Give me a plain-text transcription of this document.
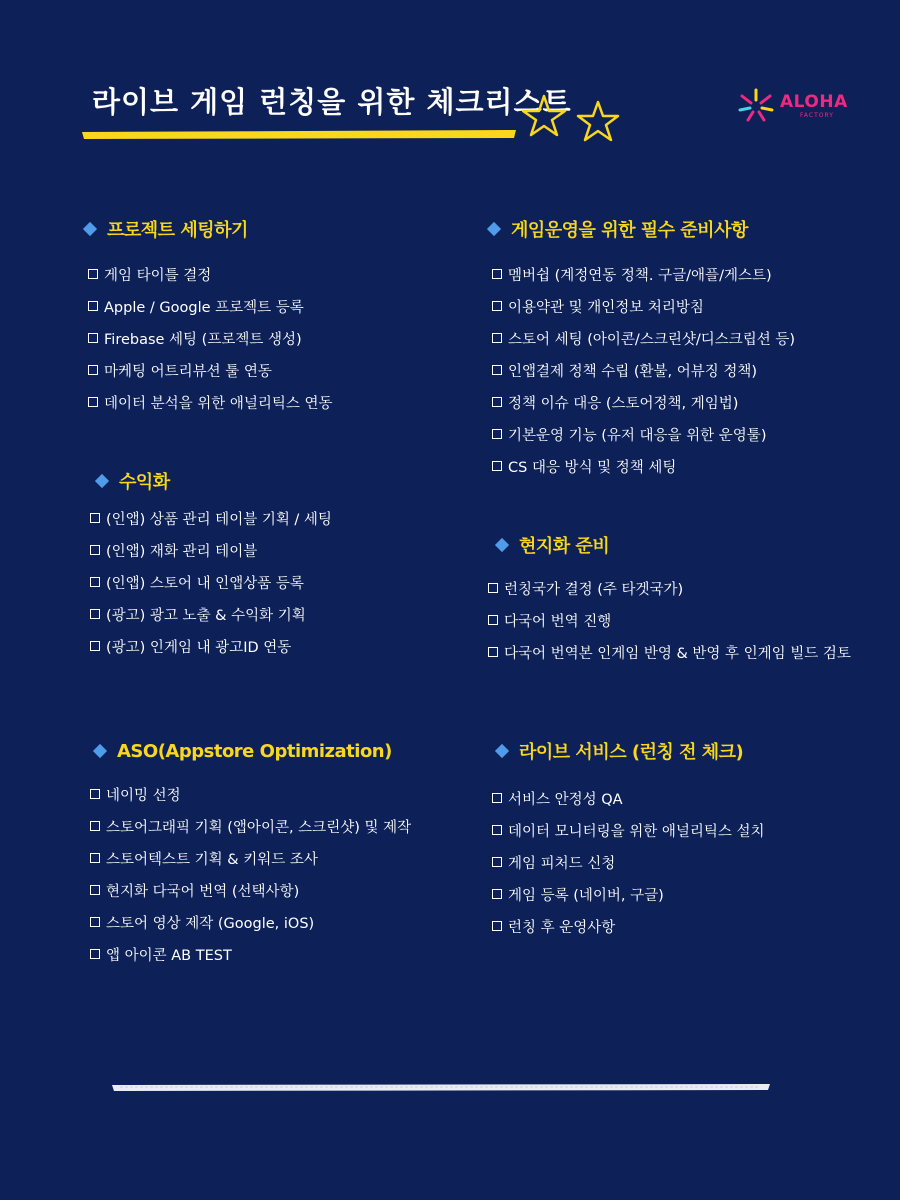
라이브 게임 런칭을 위한 체크리스트	ALOHA
FACTORY
프로젝트 세팅하기
게임 타이틀 결정
Apple / Google 프로젝트 등록
Firebase 세팅 (프로젝트 생성)
마케팅 어트리뷰션 툴 연동
데이터 분석을 위한 애널리틱스 연동
게임운영을 위한 필수 준비사항
멤버쉽 (계정연동 정책. 구글/애플/게스트)
이용약관 및 개인정보 처리방침
스토어 세팅 (아이콘/스크린샷/디스크립션 등)
인앱결제 정책 수립 (환불, 어뷰징 정책)
정책 이슈 대응 (스토어정책, 게임법)
기본운영 기능 (유저 대응을 위한 운영툴)
CS 대응 방식 및 정책 세팅
수익화
(인앱) 상품 관리 테이블 기획 / 세팅
(인앱) 재화 관리 테이블
(인앱) 스토어 내 인앱상품 등록
(광고) 광고 노출 & 수익화 기획
(광고) 인게임 내 광고ID 연동
현지화 준비
런칭국가 결정 (주 타겟국가)
다국어 번역 진행
다국어 번역본 인게임 반영 & 반영 후 인게임 빌드 검토
ASO(Appstore Optimization)
네이밍 선정
스토어그래픽 기획 (앱아이콘, 스크린샷) 및 제작
스토어텍스트 기획 & 키워드 조사
현지화 다국어 번역 (선택사항)
스토어 영상 제작 (Google, iOS)
앱 아이콘 AB TEST
라이브 서비스 (런칭 전 체크)
서비스 안정성 QA
데이터 모니터링을 위한 애널리틱스 설치
게임 피처드 신청
게임 등록 (네이버, 구글)
런칭 후 운영사항
